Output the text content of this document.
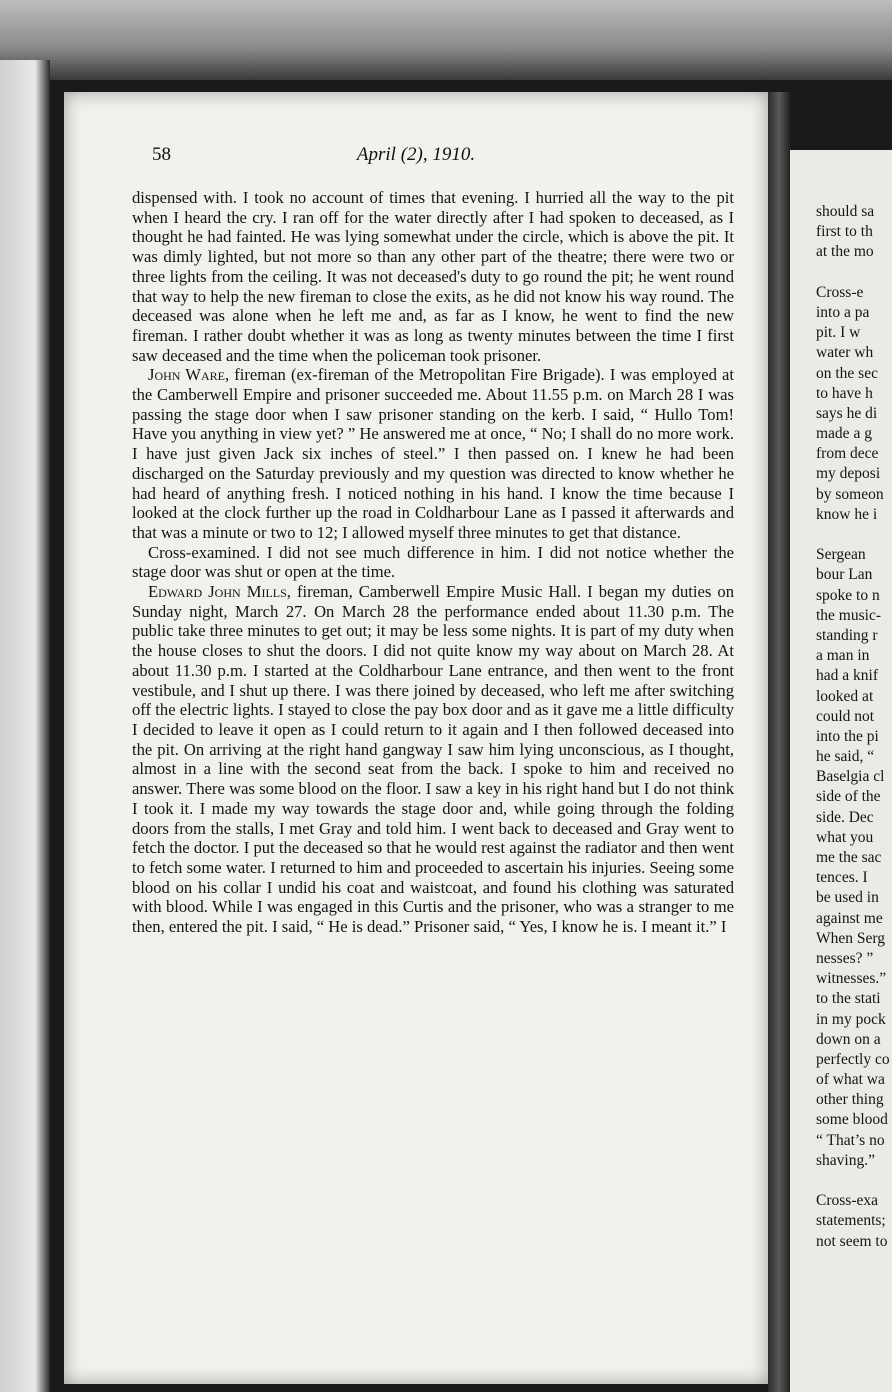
58	April (2), 1910.

dispensed with. I took no account of times that evening. I hurried all the way to the pit when I heard the cry. I ran off for the water directly after I had spoken to deceased, as I thought he had fainted. He was lying somewhat under the circle, which is above the pit. It was dimly lighted, but not more so than any other part of the theatre; there were two or three lights from the ceiling. It was not deceased's duty to go round the pit; he went round that way to help the new fireman to close the exits, as he did not know his way round. The deceased was alone when he left me and, as far as I know, he went to find the new fireman. I rather doubt whether it was as long as twenty minutes between the time I first saw deceased and the time when the policeman took prisoner.

John Ware, fireman (ex-fireman of the Metropolitan Fire Brigade). I was employed at the Camberwell Empire and prisoner succeeded me. About 11.55 p.m. on March 28 I was passing the stage door when I saw prisoner standing on the kerb. I said, “ Hullo Tom! Have you anything in view yet? ” He answered me at once, “ No; I shall do no more work. I have just given Jack six inches of steel.” I then passed on. I knew he had been discharged on the Saturday previously and my question was directed to know whether he had heard of anything fresh. I noticed nothing in his hand. I know the time because I looked at the clock further up the road in Coldharbour Lane as I passed it afterwards and that was a minute or two to 12; I allowed myself three minutes to get that distance.

Cross-examined. I did not see much difference in him. I did not notice whether the stage door was shut or open at the time.

Edward John Mills, fireman, Camberwell Empire Music Hall. I began my duties on Sunday night, March 27. On March 28 the performance ended about 11.30 p.m. The public take three minutes to get out; it may be less some nights. It is part of my duty when the house closes to shut the doors. I did not quite know my way about on March 28. At about 11.30 p.m. I started at the Coldharbour Lane entrance, and then went to the front vestibule, and I shut up there. I was there joined by deceased, who left me after switching off the electric lights. I stayed to close the pay box door and as it gave me a little difficulty I decided to leave it open as I could return to it again and I then followed deceased into the pit. On arriving at the right hand gangway I saw him lying unconscious, as I thought, almost in a line with the second seat from the back. I spoke to him and received no answer. There was some blood on the floor. I saw a key in his right hand but I do not think I took it. I made my way towards the stage door and, while going through the folding doors from the stalls, I met Gray and told him. I went back to deceased and Gray went to fetch the doctor. I put the deceased so that he would rest against the radiator and then went to fetch some water. I returned to him and proceeded to ascertain his injuries. Seeing some blood on his collar I undid his coat and waistcoat, and found his clothing was saturated with blood. While I was engaged in this Curtis and the prisoner, who was a stranger to me then, entered the pit. I said, “ He is dead.” Prisoner said, “ Yes, I know he is. I meant it.” I

should sa
first to th
at the mo
Cross-e
into a pa
pit. I w
water wh
on the sec
to have h
says he di
made a g
from dece
my deposi
by someon
know he i
Sergean
bour Lan
spoke to n
the music-
standing r
a man in
had a knif
looked at
could not
into the pi
he said, “
Baselgia cl
side of the
side. Dec
what you
me the sac
tences. I
be used in
against me
When Serg
nesses? ”
witnesses.”
to the stati
in my pock
down on a
perfectly co
of what wa
other thing
some blood
“ That’s no
shaving.”
Cross-exa
statements;
not seem to
